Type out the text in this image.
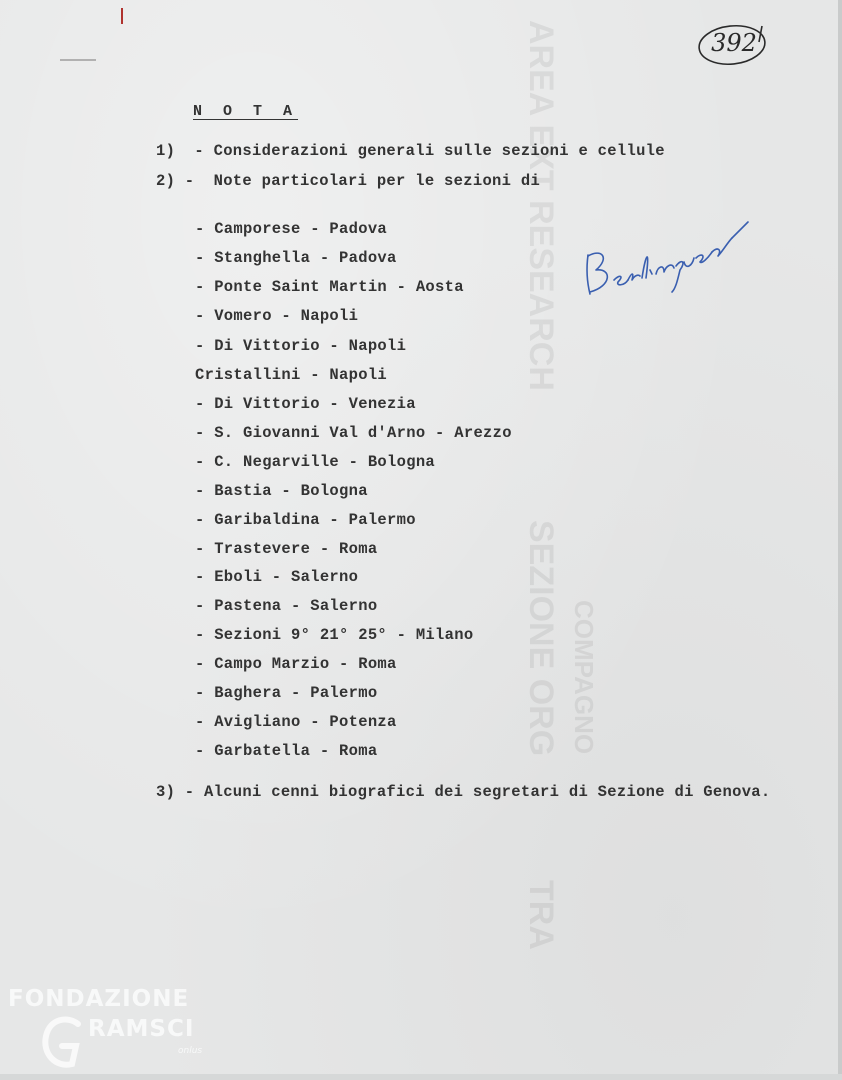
AREA EXT RESEARCH
SEZIONE ORG
TRA
COMPAGNO
392
N O T A
1)  - Considerazioni generali sulle sezioni e cellule
2) -  Note particolari per le sezioni di
- Camporese - Padova
- Stanghella - Padova
- Ponte Saint Martin - Aosta
- Vomero - Napoli
- Di Vittorio - Napoli
Cristallini - Napoli
- Di Vittorio - Venezia
- S. Giovanni Val d'Arno - Arezzo
- C. Negarville - Bologna
- Bastia - Bologna
- Garibaldina - Palermo
- Trastevere - Roma
- Eboli - Salerno
- Pastena - Salerno
- Sezioni 9° 21° 25° - Milano
- Campo Marzio - Roma
- Baghera - Palermo
- Avigliano - Potenza
- Garbatella - Roma
3) - Alcuni cenni biografici dei segretari di Sezione di Genova.
FONDAZIONE
RAMSCI
onlus
